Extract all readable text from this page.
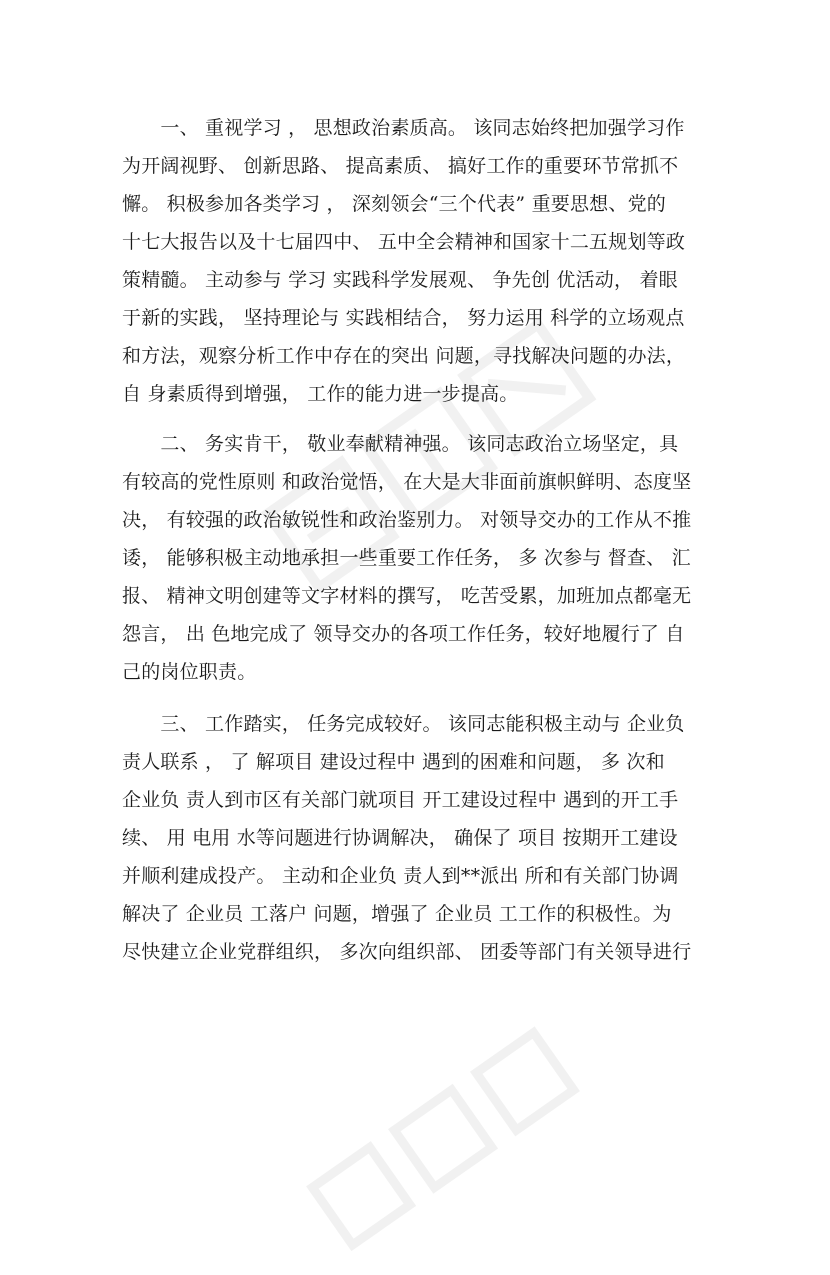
　　一、 重视学习 ， 思想政治素质高。 该同志始终把加强学习作
为开阔视野、 创新思路、 提高素质、 搞好工作的重要环节常抓不
懈。 积极参加各类学习 ， 深刻领会“三个代表” 重要思想、党的
十七大报告以及十七届四中、 五中全会精神和国家十二五规划等政
策精髓。 主动参与 学习 实践科学发展观、 争先创 优活动， 着眼
于新的实践， 坚持理论与 实践相结合， 努力运用 科学的立场观点
和方法，观察分析工作中存在的突出 问题，寻找解决问题的办法，
自 身素质得到增强， 工作的能力进一步提高。
　　二、 务实肯干， 敬业奉献精神强。 该同志政治立场坚定，具
有较高的党性原则 和政治觉悟， 在大是大非面前旗帜鲜明、态度坚
决， 有较强的政治敏锐性和政治鉴别力。 对领导交办的工作从不推
诿， 能够积极主动地承担一些重要工作任务， 多 次参与 督查、 汇
报、 精神文明创建等文字材料的撰写， 吃苦受累，加班加点都毫无
怨言， 出 色地完成了 领导交办的各项工作任务，较好地履行了 自
己的岗位职责。
　　三、 工作踏实， 任务完成较好。 该同志能积极主动与 企业负
责人联系 ， 了 解项目 建设过程中 遇到的困难和问题， 多 次和
企业负 责人到市区有关部门就项目 开工建设过程中 遇到的开工手
续、 用 电用 水等问题进行协调解决， 确保了 项目 按期开工建设
并顺利建成投产。 主动和企业负 责人到**派出 所和有关部门协调
解决了 企业员 工落户 问题，增强了 企业员 工工作的积极性。为
尽快建立企业党群组织， 多次向组织部、 团委等部门有关领导进行
